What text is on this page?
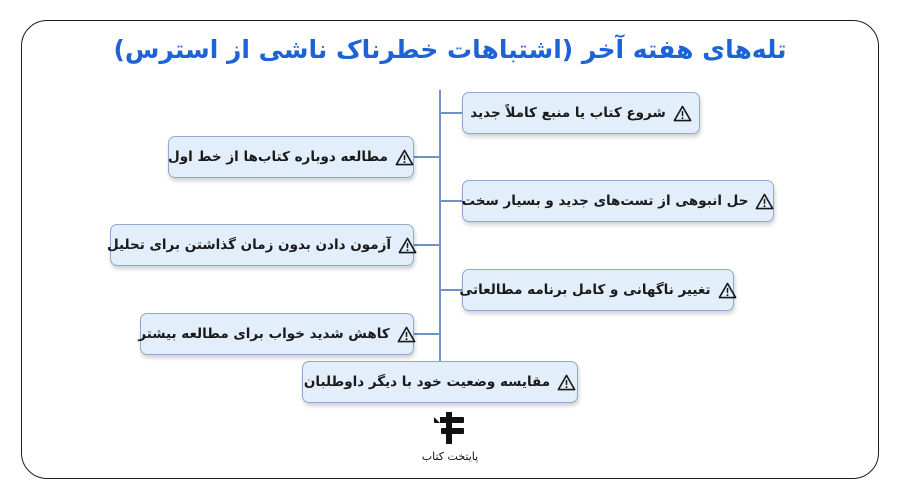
تله‌های هفته آخر (اشتباهات خطرناک ناشی از استرس)
شروع کتاب یا منبع کاملاً جدید
مطالعه دوباره کتاب‌ها از خط اول
حل انبوهی از تست‌های جدید و بسیار سخت
آزمون دادن بدون زمان گذاشتن برای تحلیل
تغییر ناگهانی و کامل برنامه مطالعاتی
کاهش شدید خواب برای مطالعه بیشتر
مقایسه وضعیت خود با دیگر داوطلبان
پایتخت کتاب
